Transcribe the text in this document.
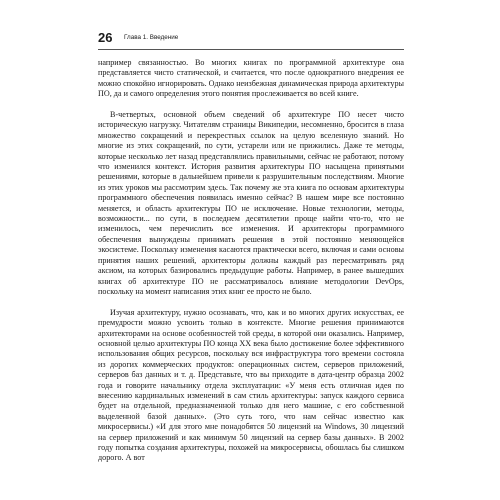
26 Глава 1. Введение

например связанностью. Во многих книгах по программной архитектуре она представляется чисто статической, и считается, что после однократного внедрения ее можно спокойно игнорировать. Однако неизбежная динамическая природа архитектуры ПО, да и самого определения этого понятия прослеживается во всей книге.

В-четвертых, основной объем сведений об архитектуре ПО несет чисто историческую нагрузку. Читателям страницы Википедии, несомненно, бросится в глаза множество сокращений и перекрестных ссылок на целую вселенную знаний. Но многие из этих сокращений, по сути, устарели или не прижились. Даже те методы, которые несколько лет назад представлялись правильными, сейчас не работают, потому что изменился контекст. История развития архитектуры ПО насыщена принятыми решениями, которые в дальнейшем привели к разрушительным последствиям. Многие из этих уроков мы рассмотрим здесь. Так почему же эта книга по основам архитектуры программного обеспечения появилась именно сейчас? В нашем мире все постоянно меняется, и область архитектуры ПО не исключение. Новые технологии, методы, возможности... по сути, в последнем десятилетии проще найти что-то, что не изменилось, чем перечислить все изменения. И архитекторы программного обеспечения вынуждены принимать решения в этой постоянно меняющейся экосистеме. Поскольку изменения касаются практически всего, включая и сами основы принятия наших решений, архитекторы должны каждый раз пересматривать ряд аксиом, на которых базировались предыдущие работы. Например, в ранее вышедших книгах об архитектуре ПО не рассматривалось влияние методологии DevOps, поскольку на момент написания этих книг ее просто не было.

Изучая архитектуру, нужно осознавать, что, как и во многих других искусствах, ее премудрости можно усвоить только в контексте. Многие решения принимаются архитекторами на основе особенностей той среды, в которой они оказались. Например, основной целью архитектуры ПО конца XX века было достижение более эффективного использования общих ресурсов, поскольку вся инфраструктура того времени состояла из дорогих коммерческих продуктов: операционных систем, серверов приложений, серверов баз данных и т. д. Представьте, что вы приходите в дата-центр образца 2002 года и говорите начальнику отдела эксплуатации: «У меня есть отличная идея по внесению кардинальных изменений в сам стиль архитектуры: запуск каждого сервиса будет на отдельной, предназначенной только для него машине, с его собственной выделенной базой данных». (Это суть того, что нам сейчас известно как микросервисы.) «И для этого мне понадобятся 50 лицензий на Windows, 30 лицензий на сервер приложений и как минимум 50 лицензий на сервер базы данных». В 2002 году попытка создания архитектуры, похожей на микросервисы, обошлась бы слишком дорого. А вот
